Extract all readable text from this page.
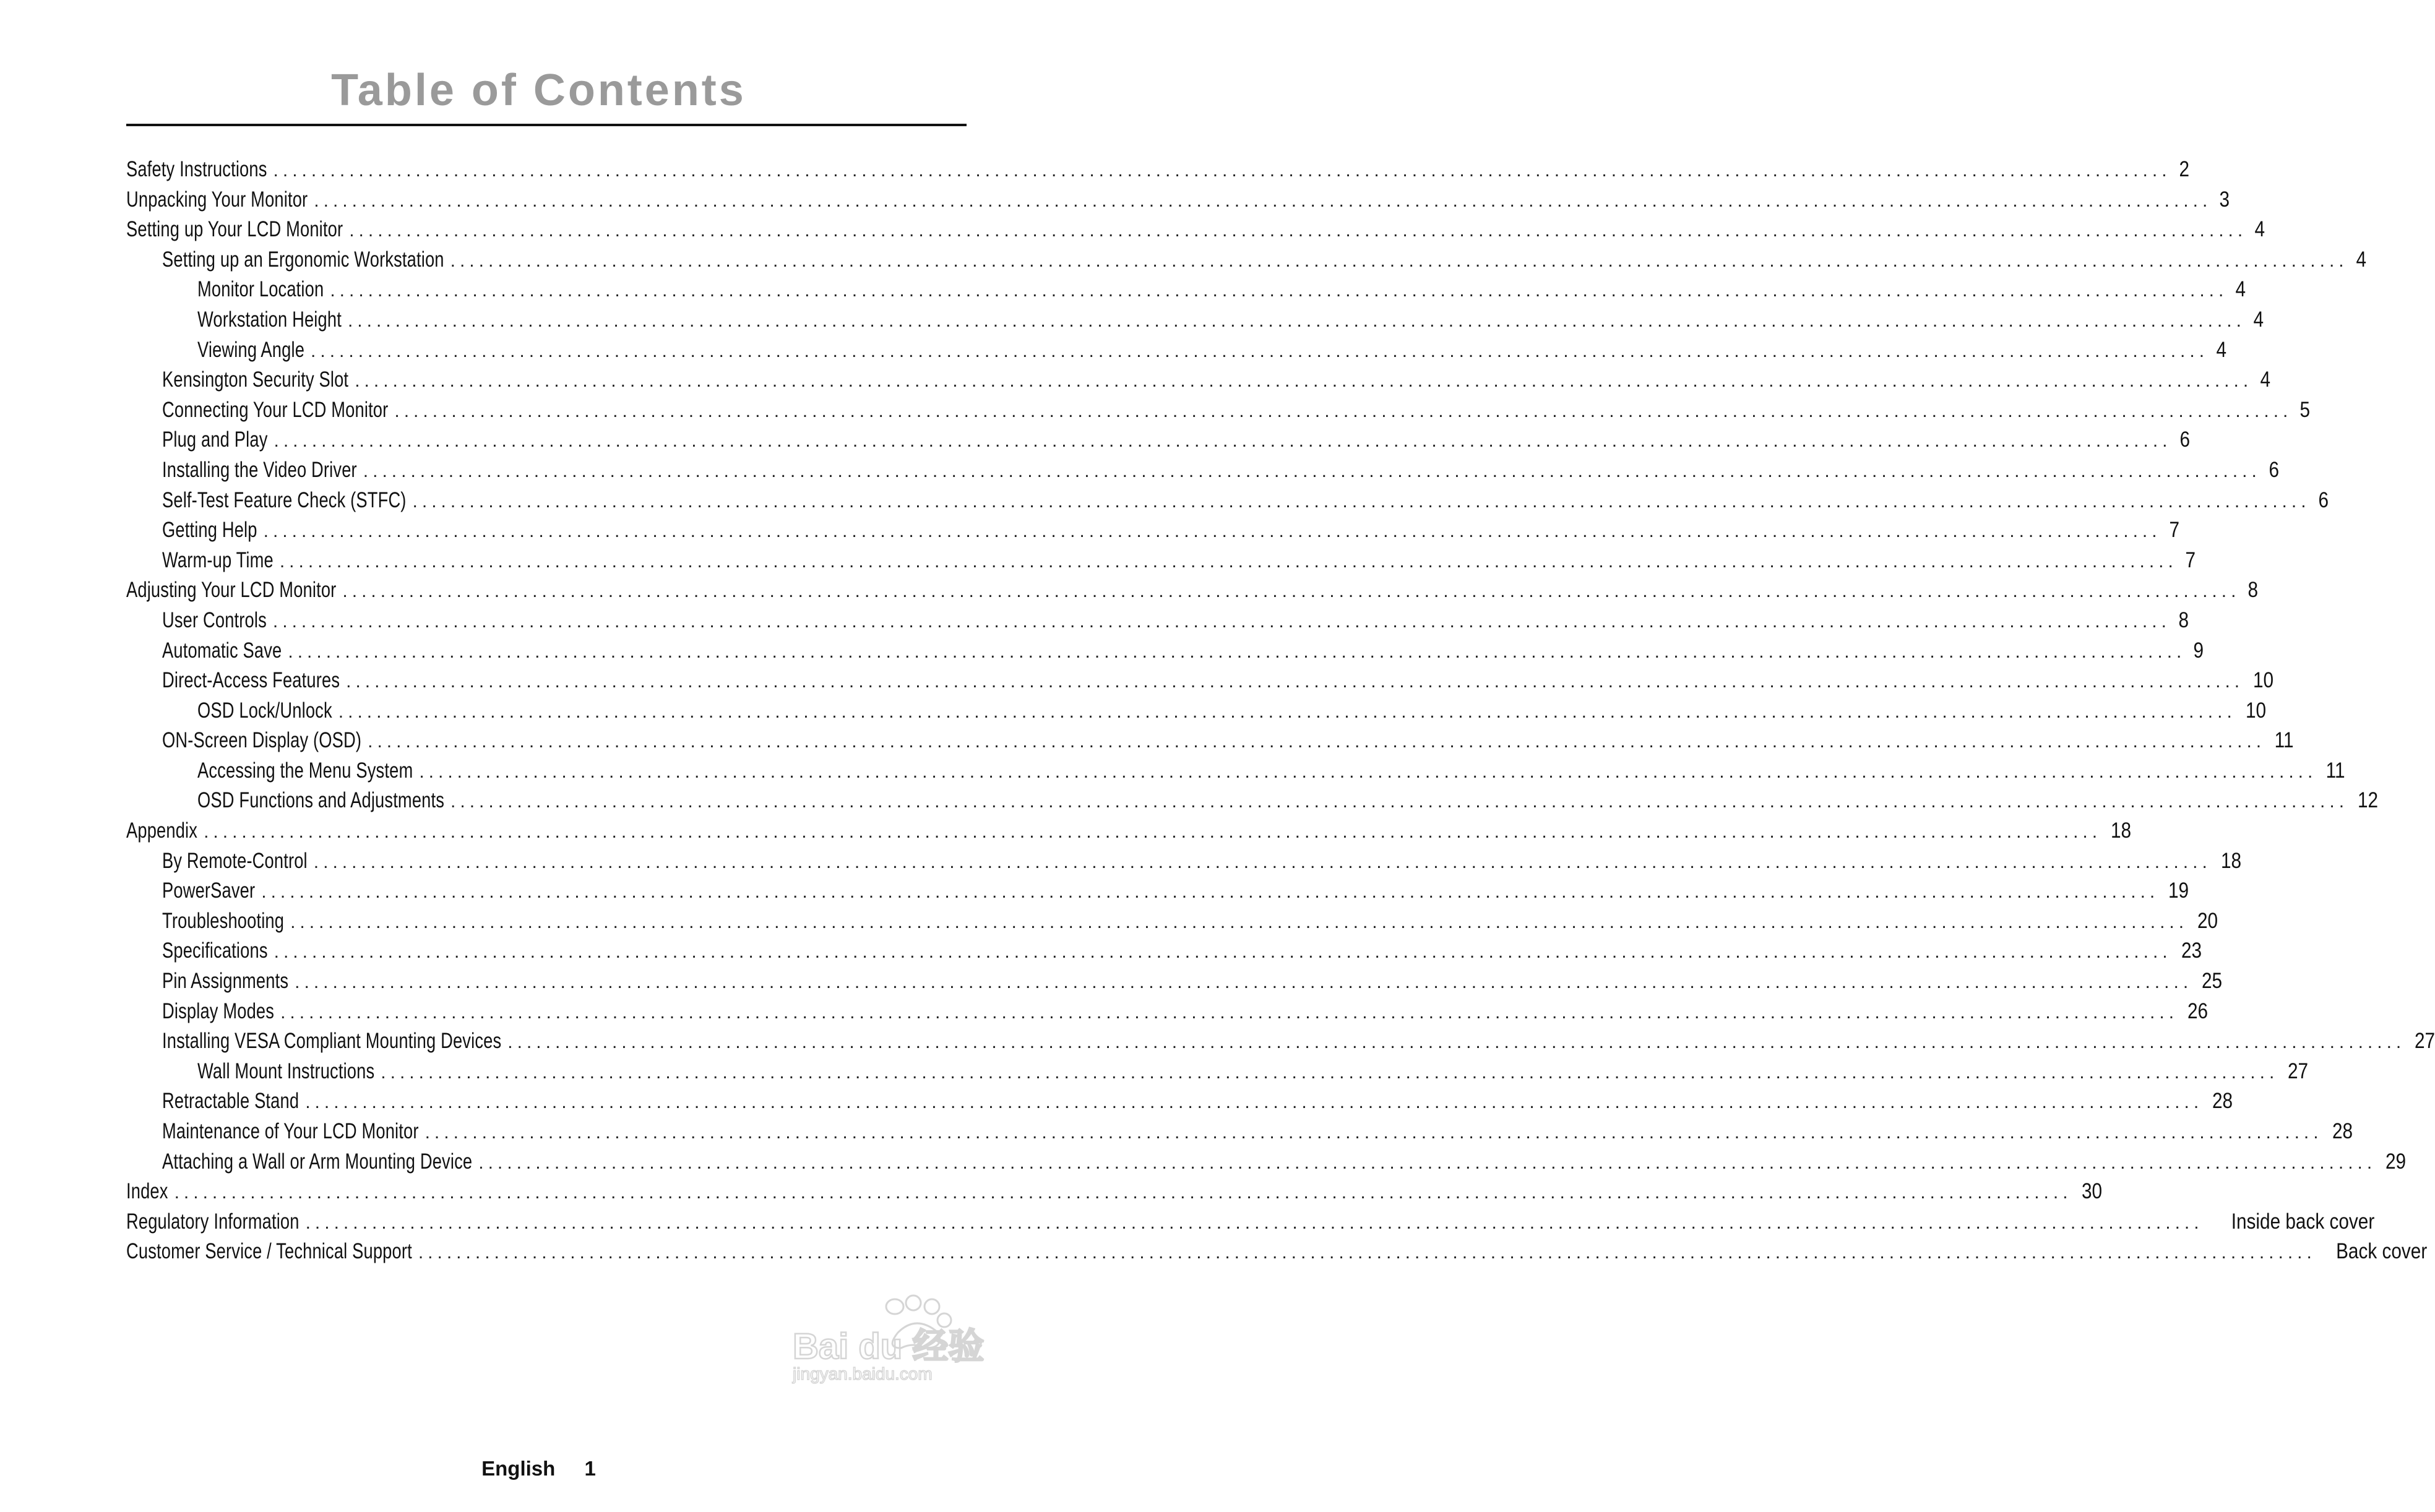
Table of Contents
Safety Instructions ........................................................................................................................................................................................................ 2
Unpacking Your Monitor ........................................................................................................................................................................................................ 3
Setting up Your LCD Monitor ........................................................................................................................................................................................................ 4
Setting up an Ergonomic Workstation ........................................................................................................................................................................................................ 4
Monitor Location ........................................................................................................................................................................................................ 4
Workstation Height ........................................................................................................................................................................................................ 4
Viewing Angle ........................................................................................................................................................................................................ 4
Kensington Security Slot ........................................................................................................................................................................................................ 4
Connecting Your LCD Monitor ........................................................................................................................................................................................................ 5
Plug and Play ........................................................................................................................................................................................................ 6
Installing the Video Driver ........................................................................................................................................................................................................ 6
Self-Test Feature Check (STFC) ........................................................................................................................................................................................................ 6
Getting Help ........................................................................................................................................................................................................ 7
Warm-up Time ........................................................................................................................................................................................................ 7
Adjusting Your LCD Monitor ........................................................................................................................................................................................................ 8
User Controls ........................................................................................................................................................................................................ 8
Automatic Save ........................................................................................................................................................................................................ 9
Direct-Access Features ........................................................................................................................................................................................................ 10
OSD Lock/Unlock ........................................................................................................................................................................................................ 10
ON-Screen Display (OSD) ........................................................................................................................................................................................................ 11
Accessing the Menu System ........................................................................................................................................................................................................ 11
OSD Functions and Adjustments ........................................................................................................................................................................................................ 12
Appendix ........................................................................................................................................................................................................ 18
By Remote-Control ........................................................................................................................................................................................................ 18
PowerSaver ........................................................................................................................................................................................................ 19
Troubleshooting ........................................................................................................................................................................................................ 20
Specifications ........................................................................................................................................................................................................ 23
Pin Assignments ........................................................................................................................................................................................................ 25
Display Modes ........................................................................................................................................................................................................ 26
Installing VESA Compliant Mounting Devices ........................................................................................................................................................................................................ 27
Wall Mount Instructions ........................................................................................................................................................................................................ 27
Retractable Stand ........................................................................................................................................................................................................ 28
Maintenance of Your LCD Monitor ........................................................................................................................................................................................................ 28
Attaching a Wall or Arm Mounting Device ........................................................................................................................................................................................................ 29
Index ........................................................................................................................................................................................................ 30
Regulatory Information ........................................................................................................................................................................................................ Inside back cover
Customer Service / Technical Support ........................................................................................................................................................................................................ Back cover
English 1
Bai du 经验
jingyan.baidu.com
